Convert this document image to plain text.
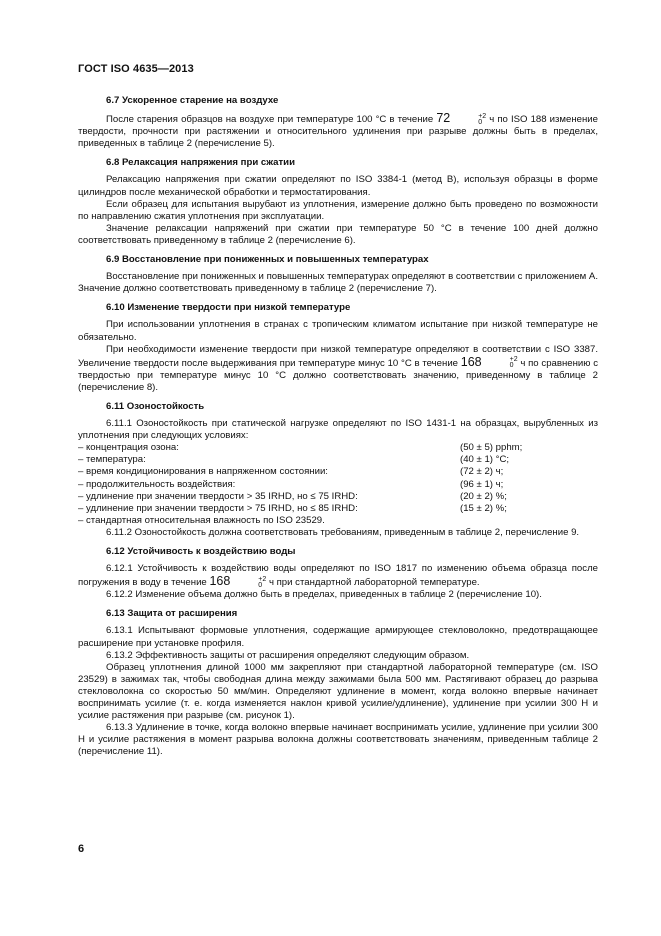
ГОСТ ISO 4635—2013
6.7 Ускоренное старение на воздухе

После старения образцов на воздухе при температуре 100 °С в течение 72	+2
0 ч по ISO 188 изменение твердости, прочности при растяжении и относительного удлинения при разрыве должны быть в пределах, приведенных в таблице 2 (перечисление 5).

6.8 Релаксация напряжения при сжатии

Релаксацию напряжения при сжатии определяют по ISO 3384-1 (метод В), используя образцы в форме цилиндров после механической обработки и термостатирования.

Если образец для испытания вырубают из уплотнения, измерение должно быть проведено по возможности по направлению сжатия уплотнения при эксплуатации.

Значение релаксации напряжений при сжатии при температуре 50 °С в течение 100 дней должно соответствовать приведенному в таблице 2 (перечисление 6).

6.9 Восстановление при пониженных и повышенных температурах

Восстановление при пониженных и повышенных температурах определяют в соответствии с приложением А. Значение должно соответствовать приведенному в таблице 2 (перечисление 7).

6.10 Изменение твердости при низкой температуре

При использовании уплотнения в странах с тропическим климатом испытание при низкой температуре не обязательно.

При необходимости изменение твердости при низкой температуре определяют в соответствии с ISO 3387. Увеличение твердости после выдерживания при температуре минус 10 °С в течение 168	+2
0 ч по сравнению с твердостью при температуре минус 10 °С должно соответствовать значению, приведенному в таблице 2 (перечисление 8).

6.11 Озоностойкость

6.11.1 Озоностойкость при статической нагрузке определяют по ISO 1431-1 на образцах, вырубленных из уплотнения при следующих условиях:

– концентрация озона:	(50 ± 5) pphm;
– температура:	(40 ± 1) °С;
– время кондиционирования в напряженном состоянии:	(72 ± 2) ч;
– продолжительность воздействия:	(96 ± 1) ч;
– удлинение при значении твердости > 35 IRHD, но ≤ 75 IRHD:	(20 ± 2) %;
– удлинение при значении твердости > 75 IRHD, но ≤ 85 IRHD:	(15 ± 2) %;
– стандартная относительная влажность по ISO 23529.

6.11.2 Озоностойкость должна соответствовать требованиям, приведенным в таблице 2, перечисление 9.

6.12 Устойчивость к воздействию воды

6.12.1 Устойчивость к воздействию воды определяют по ISO 1817 по изменению объема образца после погружения в воду в течение 168	+2
0 ч при стандартной лабораторной температуре.

6.12.2 Изменение объема должно быть в пределах, приведенных в таблице 2 (перечисление 10).

6.13 Защита от расширения

6.13.1 Испытывают формовые уплотнения, содержащие армирующее стекловолокно, предотвращающее расширение при установке профиля.

6.13.2 Эффективность защиты от расширения определяют следующим образом.

Образец уплотнения длиной 1000 мм закрепляют при стандартной лабораторной температуре (см. ISO 23529) в зажимах так, чтобы свободная длина между зажимами была 500 мм. Растягивают образец до разрыва стекловолокна со скоростью 50 мм/мин. Определяют удлинение в момент, когда волокно впервые начинает воспринимать усилие (т. е. когда изменяется наклон кривой усилие/удлинение), удлинение при усилии 300 Н и усилие растяжения при разрыве (см. рисунок 1).

6.13.3 Удлинение в точке, когда волокно впервые начинает воспринимать усилие, удлинение при усилии 300 Н и усилие растяжения в момент разрыва волокна должны соответствовать значениям, приведенным таблице 2 (перечисление 11).

6
